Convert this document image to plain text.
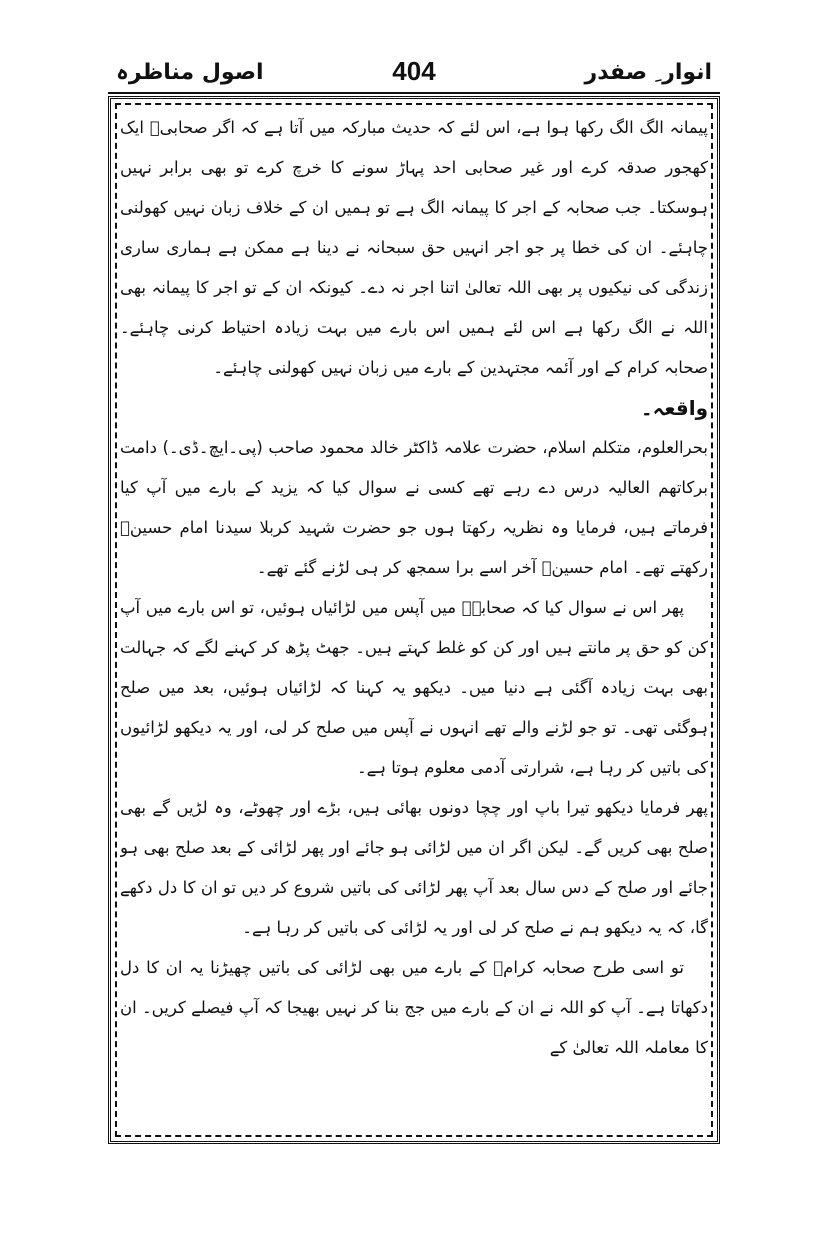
اصول مناظرہ	404	انوار ِ صفدر

پیمانہ الگ الگ رکھا ہوا ہے، اس لئے کہ حدیث مبارکہ میں آتا ہے کہ اگر صحابیؓ ایک کھجور صدقہ کرے اور غیر صحابی احد پہاڑ سونے کا خرچ کرے تو بھی برابر نہیں ہوسکتا۔ جب صحابہ کے اجر کا پیمانہ الگ ہے تو ہمیں ان کے خلاف زبان نہیں کھولنی چاہئے۔ ان کی خطا پر جو اجر انہیں حق سبحانہ نے دینا ہے ممکن ہے ہماری ساری زندگی کی نیکیوں پر بھی اللہ تعالیٰ اتنا اجر نہ دے۔ کیونکہ ان کے تو اجر کا پیمانہ بھی اللہ نے الگ رکھا ہے اس لئے ہمیں اس بارے میں بہت زیادہ احتیاط کرنی چاہئے۔ صحابہ کرام کے اور آئمہ مجتہدین کے بارے میں زبان نہیں کھولنی چاہئے۔

واقعہ۔

بحرالعلوم، متکلم اسلام، حضرت علامہ ڈاکٹر خالد محمود صاحب (پی۔ایچ۔ڈی۔) دامت برکاتھم العالیہ درس دے رہے تھے کسی نے سوال کیا کہ یزید کے بارے میں آپ کیا فرماتے ہیں، فرمایا وہ نظریہ رکھتا ہوں جو حضرت شہید کربلا سیدنا امام حسینؓ رکھتے تھے۔ امام حسینؓ آخر اسے برا سمجھ کر ہی لڑنے گئے تھے۔

پھر اس نے سوال کیا کہ صحابہؓ میں آپس میں لڑائیاں ہوئیں، تو اس بارے میں آپ کن کو حق پر مانتے ہیں اور کن کو غلط کہتے ہیں۔ جھٹ پڑھ کر کہنے لگے کہ جہالت بھی بہت زیادہ آگئی ہے دنیا میں۔ دیکھو یہ کہنا کہ لڑائیاں ہوئیں، بعد میں صلح ہوگئی تھی۔ تو جو لڑنے والے تھے انہوں نے آپس میں صلح کر لی، اور یہ دیکھو لڑائیوں کی باتیں کر رہا ہے، شرارتی آدمی معلوم ہوتا ہے۔

پھر فرمایا دیکھو تیرا باپ اور چچا دونوں بھائی ہیں، بڑے اور چھوٹے، وہ لڑیں گے بھی صلح بھی کریں گے۔ لیکن اگر ان میں لڑائی ہو جائے اور پھر لڑائی کے بعد صلح بھی ہو جائے اور صلح کے دس سال بعد آپ پھر لڑائی کی باتیں شروع کر دیں تو ان کا دل دکھے گا، کہ یہ دیکھو ہم نے صلح کر لی اور یہ لڑائی کی باتیں کر رہا ہے۔

تو اسی طرح صحابہ کرامؓ کے بارے میں بھی لڑائی کی باتیں چھیڑنا یہ ان کا دل دکھاتا ہے۔ آپ کو اللہ نے ان کے بارے میں جج بنا کر نہیں بھیجا کہ آپ فیصلے کریں۔ ان کا معاملہ اللہ تعالیٰ کے
